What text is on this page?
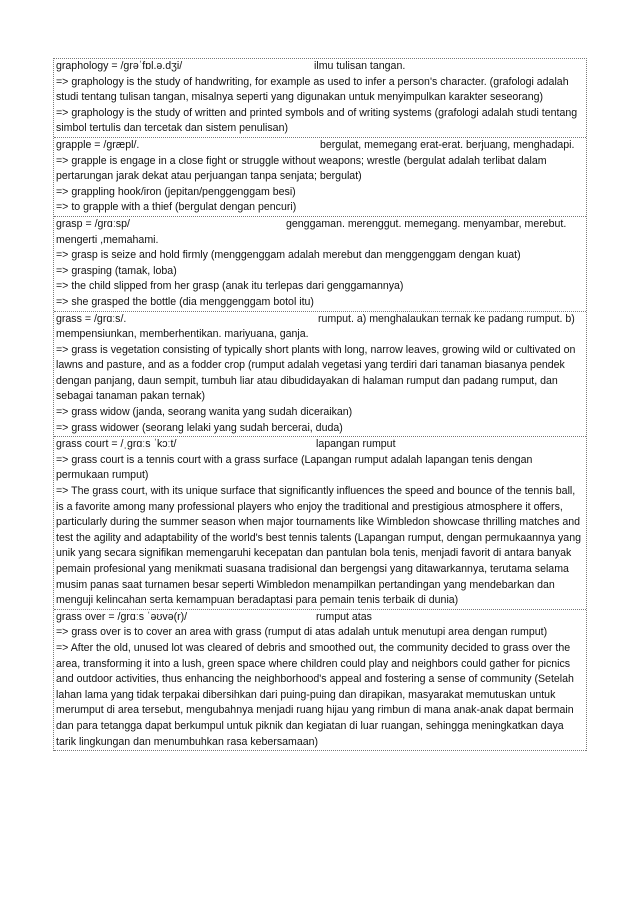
graphology = /ɡrəˈfɒl.ə.dʒi/	ilmu tulisan tangan.
=> graphology is the study of handwriting, for example as used to infer a person's character. (grafologi adalah studi tentang tulisan tangan, misalnya seperti yang digunakan untuk menyimpulkan karakter seseorang)
=> graphology is the study of written and printed symbols and of writing systems (grafologi adalah studi tentang simbol tertulis dan tercetak dan sistem penulisan)
grapple = /ɡræpl/.	bergulat, memegang erat-erat. berjuang, menghadapi.
=> grapple is engage in a close fight or struggle without weapons; wrestle (bergulat adalah terlibat dalam pertarungan jarak dekat atau perjuangan tanpa senjata; bergulat)
=> grappling hook/iron (jepitan/penggenggam besi)
=> to grapple with a thief (bergulat dengan pencuri)
grasp = /ɡrɑːsp/	genggaman. merenggut. memegang. menyambar, merebut. mengerti ,memahami.
=> grasp is seize and hold firmly (menggenggam adalah merebut dan menggenggam dengan kuat)
=> grasping (tamak, loba)
=> the child slipped from her grasp (anak itu terlepas dari genggamannya)
=> she grasped the bottle (dia menggenggam botol itu)
grass = /ɡrɑːs/.	rumput. a) menghalaukan ternak ke padang rumput. b) mempensiunkan, memberhentikan. mariyuana, ganja.
=> grass is vegetation consisting of typically short plants with long, narrow leaves, growing wild or cultivated on lawns and pasture, and as a fodder crop (rumput adalah vegetasi yang terdiri dari tanaman biasanya pendek dengan panjang, daun sempit, tumbuh liar atau dibudidayakan di halaman rumput dan padang rumput, dan sebagai tanaman pakan ternak)
=> grass widow (janda, seorang wanita yang sudah diceraikan)
=> grass widower (seorang lelaki yang sudah bercerai, duda)
grass court = /ˌɡrɑːs ˈkɔːt/	lapangan rumput
=> grass court is a tennis court with a grass surface (Lapangan rumput adalah lapangan tenis dengan permukaan rumput)
=> The grass court, with its unique surface that significantly influences the speed and bounce of the tennis ball, is a favorite among many professional players who enjoy the traditional and prestigious atmosphere it offers, particularly during the summer season when major tournaments like Wimbledon showcase thrilling matches and test the agility and adaptability of the world's best tennis talents (Lapangan rumput, dengan permukaannya yang unik yang secara signifikan memengaruhi kecepatan dan pantulan bola tenis, menjadi favorit di antara banyak pemain profesional yang menikmati suasana tradisional dan bergengsi yang ditawarkannya, terutama selama musim panas saat turnamen besar seperti Wimbledon menampilkan pertandingan yang mendebarkan dan menguji kelincahan serta kemampuan beradaptasi para pemain tenis terbaik di dunia)
grass over = /ɡrɑːs ˈəʊvə(r)/	rumput atas
=> grass over is to cover an area with grass (rumput di atas adalah untuk menutupi area dengan rumput)
=> After the old, unused lot was cleared of debris and smoothed out, the community decided to grass over the area, transforming it into a lush, green space where children could play and neighbors could gather for picnics and outdoor activities, thus enhancing the neighborhood's appeal and fostering a sense of community (Setelah lahan lama yang tidak terpakai dibersihkan dari puing-puing dan dirapikan, masyarakat memutuskan untuk merumput di area tersebut, mengubahnya menjadi ruang hijau yang rimbun di mana anak-anak dapat bermain dan para tetangga dapat berkumpul untuk piknik dan kegiatan di luar ruangan, sehingga meningkatkan daya tarik lingkungan dan menumbuhkan rasa kebersamaan)
